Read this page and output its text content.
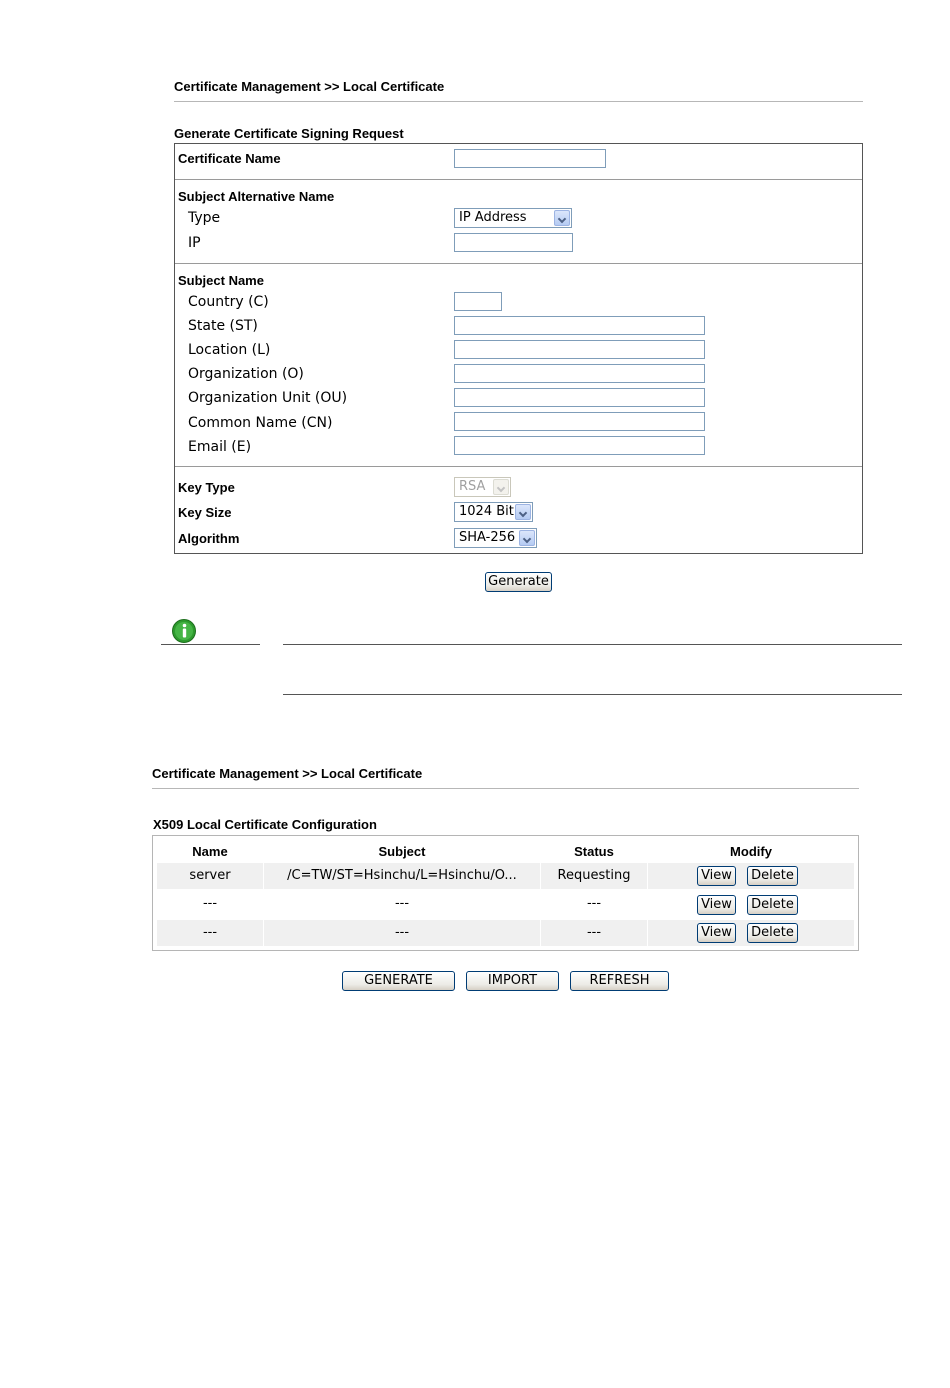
Certificate Management >> Local Certificate
Generate Certificate Signing Request
Certificate Name
Subject Alternative Name
Type	IP Address
IP
Subject Name
Country (C)
State (ST)
Location (L)
Organization (O)
Organization Unit (OU)
Common Name (CN)
Email (E)
Key Type	RSA
Key Size	1024 Bit
Algorithm	SHA-256
Generate
Certificate Management >> Local Certificate
X509 Local Certificate Configuration
Name	Subject	Status	Modify
server	/C=TW/ST=Hsinchu/L=Hsinchu/O...	Requesting	View	Delete
---	---	---	View	Delete
---	---	---	View	Delete
GENERATE	IMPORT	REFRESH
